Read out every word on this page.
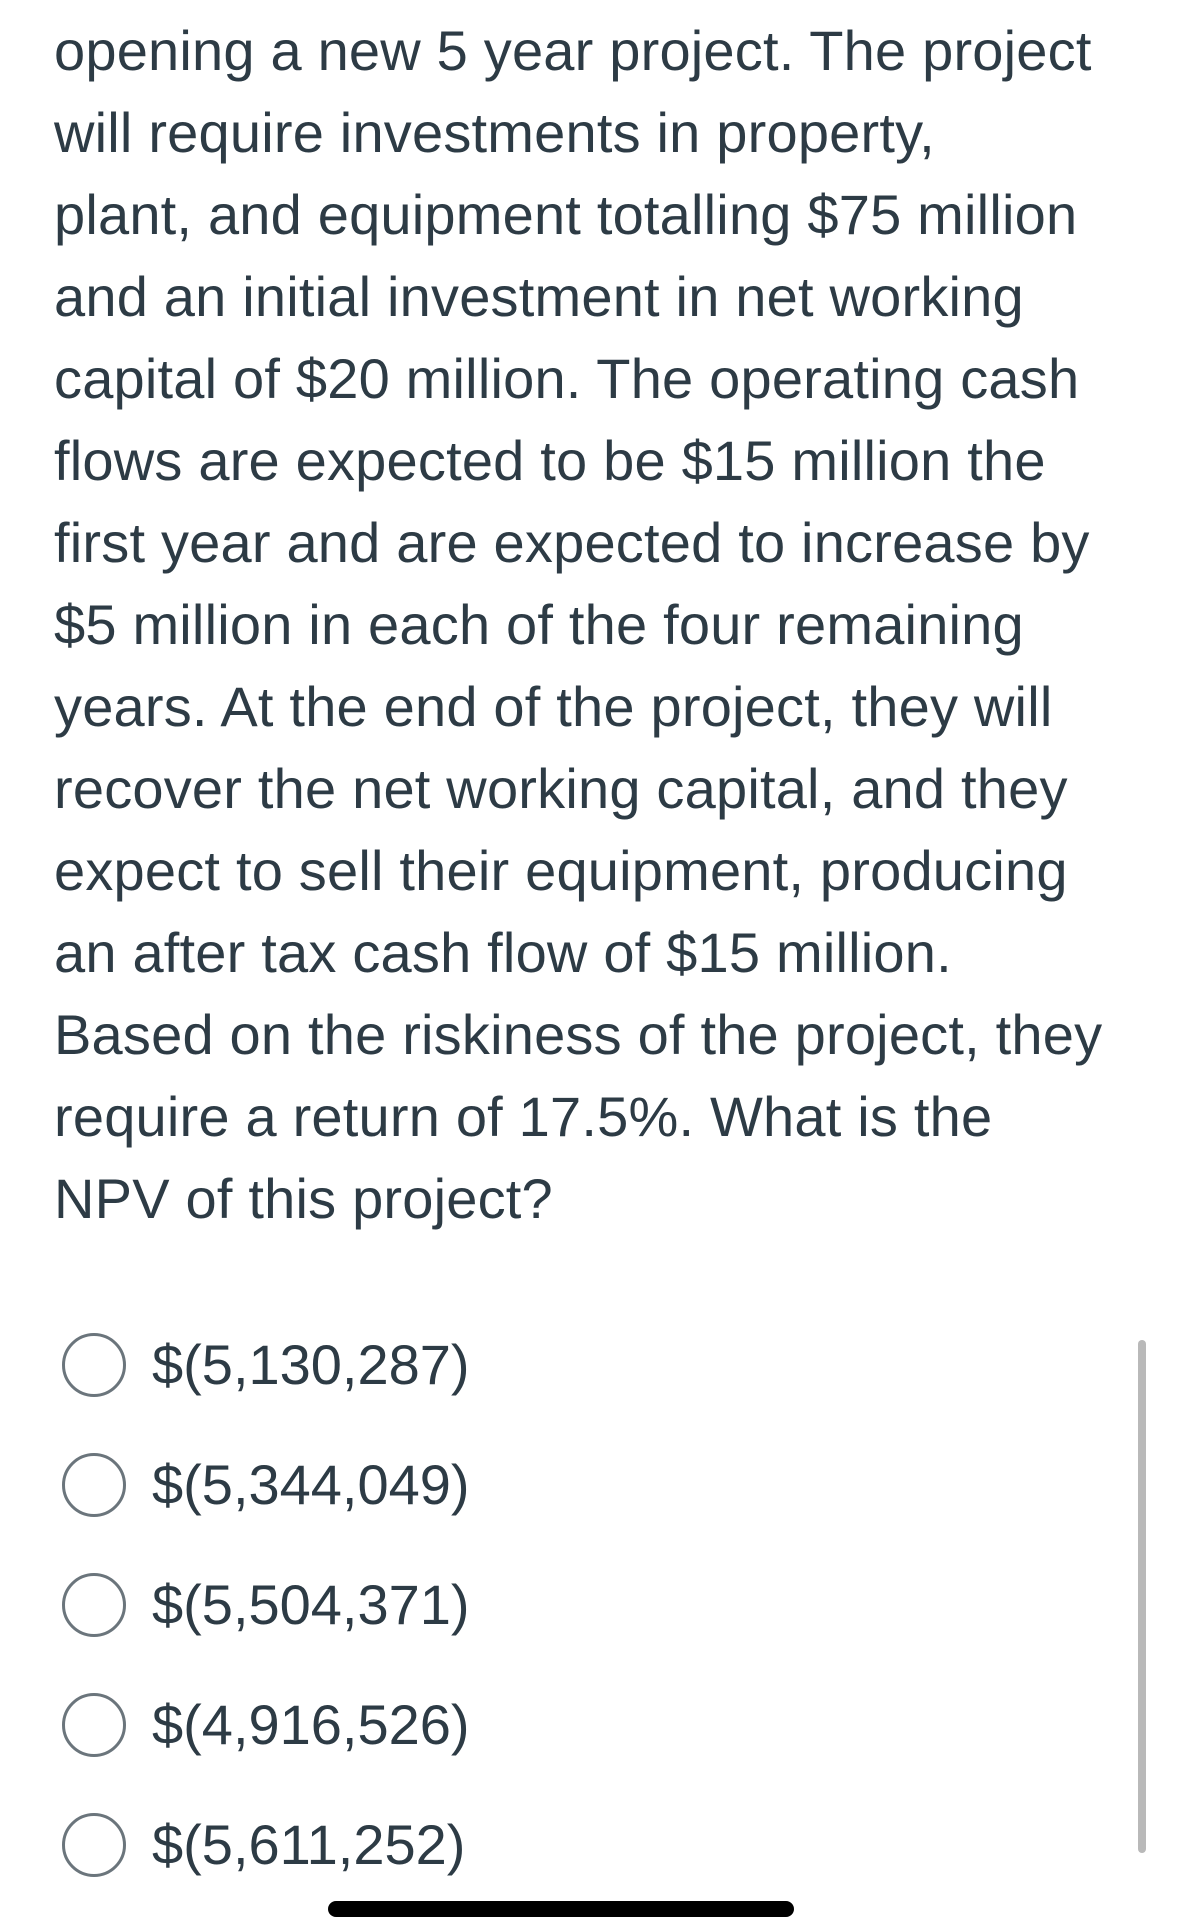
opening a new 5 year project. The project
will require investments in property,
plant, and equipment totalling $75 million
and an initial investment in net working
capital of $20 million. The operating cash
flows are expected to be $15 million the
first year and are expected to increase by
$5 million in each of the four remaining
years. At the end of the project, they will
recover the net working capital, and they
expect to sell their equipment, producing
an after tax cash flow of $15 million.
Based on the riskiness of the project, they
require a return of 17.5%. What is the
NPV of this project?
$(5,130,287)
$(5,344,049)
$(5,504,371)
$(4,916,526)
$(5,611,252)
